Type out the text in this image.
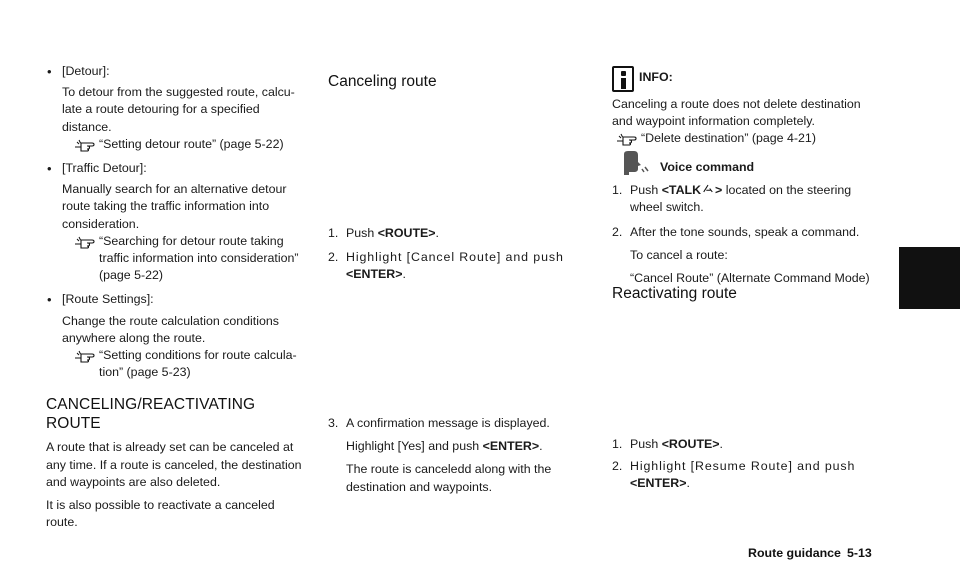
• [Detour]:
To detour from the suggested route, calcu- late a route detouring for a specified distance.
“Setting detour route” (page 5-22)
• [Traffic Detour]:
Manually search for an alternative detour route taking the traffic information into consideration.
“Searching for detour route taking traffic information into consideration” (page 5-22)
• [Route Settings]:
Change the route calculation conditions anywhere along the route.
“Setting conditions for route calcula- tion” (page 5-23)
CANCELING/REACTIVATING ROUTE

A route that is already set can be canceled at any time. If a route is canceled, the destination and waypoints are also deleted.

It is also possible to reactivate a canceled route.

Canceling route
1. Push <ROUTE>.
2. Highlight [Cancel Route] and push <ENTER>.
3. A confirmation message is displayed.
Highlight [Yes] and push <ENTER>.
The route is canceledd along with the destination and waypoints.
INFO:
Canceling a route does not delete destination and waypoint information completely.
“Delete destination” (page 4-21)
Voice command
1. Push <TALK > located on the steering wheel switch.
2. After the tone sounds, speak a command.
To cancel a route:
“Cancel Route” (Alternate Command Mode)
Reactivating route
1. Push <ROUTE>.
2. Highlight [Resume Route] and push <ENTER>.
Route guidance 5-13
